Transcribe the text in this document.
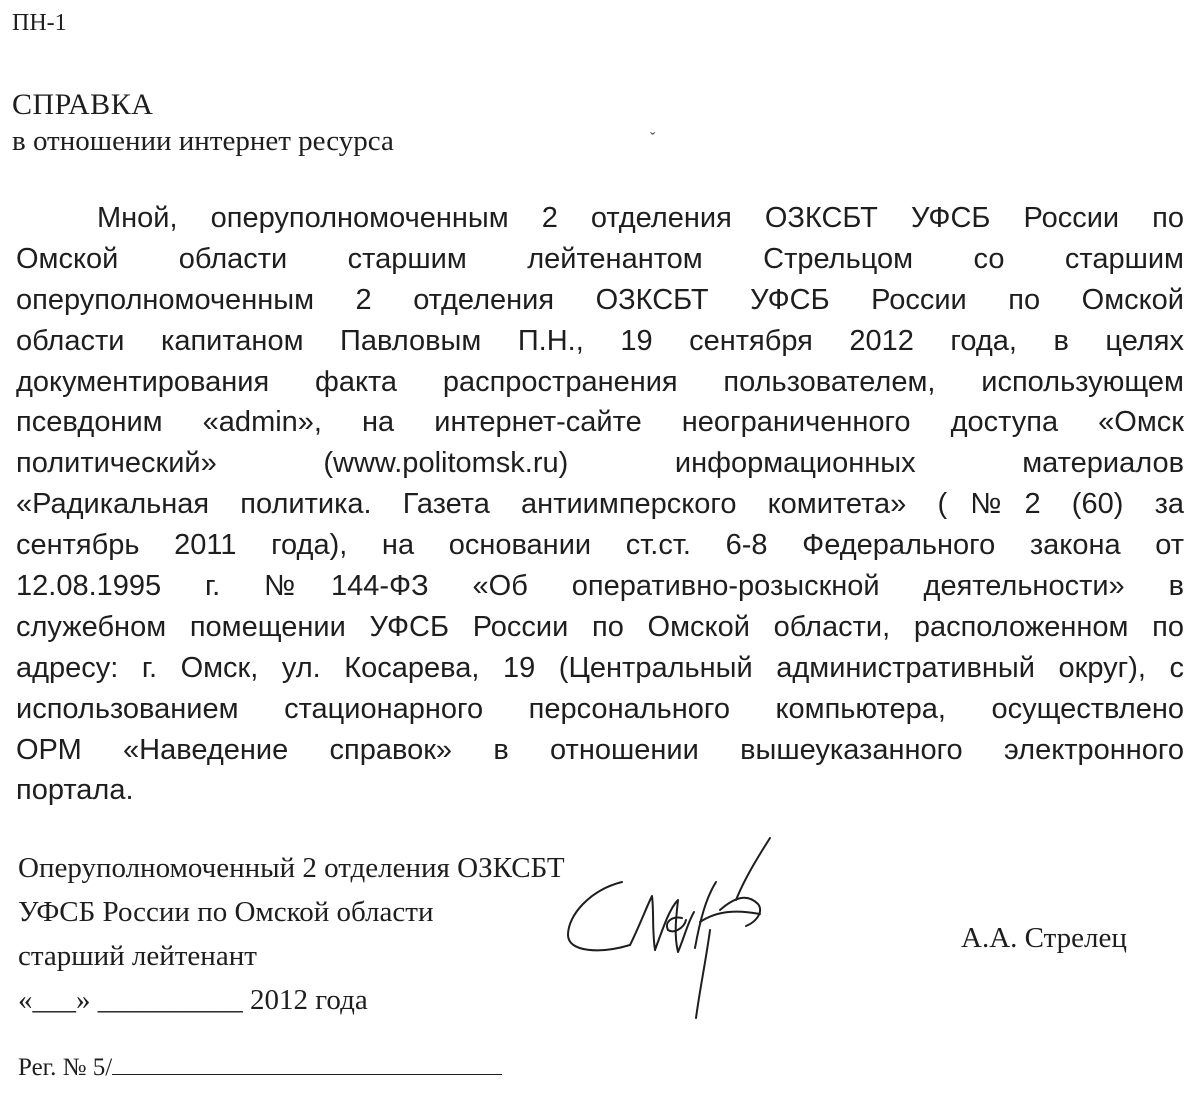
ПН-1
СПРАВКА
в отношении интернет ресурса	ˇ
Мной, оперуполномоченным 2 отделения ОЗКСБТ УФСБ России по
Омской области старшим лейтенантом Стрельцом со старшим
оперуполномоченным 2 отделения ОЗКСБТ УФСБ России по Омской
области капитаном Павловым П.Н., 19 сентября 2012 года, в целях
документирования факта распространения пользователем, использующем
псевдоним «admin», на интернет-сайте неограниченного доступа «Омск
политический» (www.politomsk.ru) информационных материалов
«Радикальная политика. Газета антиимперского комитета» (№2 (60) за
сентябрь 2011 года), на основании ст.ст. 6-8 Федерального закона от
12.08.1995 г. №144-ФЗ «Об оперативно-розыскной деятельности» в
служебном помещении УФСБ России по Омской области, расположенном по
адресу: г. Омск, ул. Косарева, 19 (Центральный административный округ), с
использованием стационарного персонального компьютера, осуществлено
ОРМ «Наведение справок» в отношении вышеуказанного электронного
портала.
Оперуполномоченный 2 отделения ОЗКСБТ
УФСБ России по Омской области
старший лейтенант
«___» __________ 2012 года
А.А. Стрелец
Рег. № 5/
